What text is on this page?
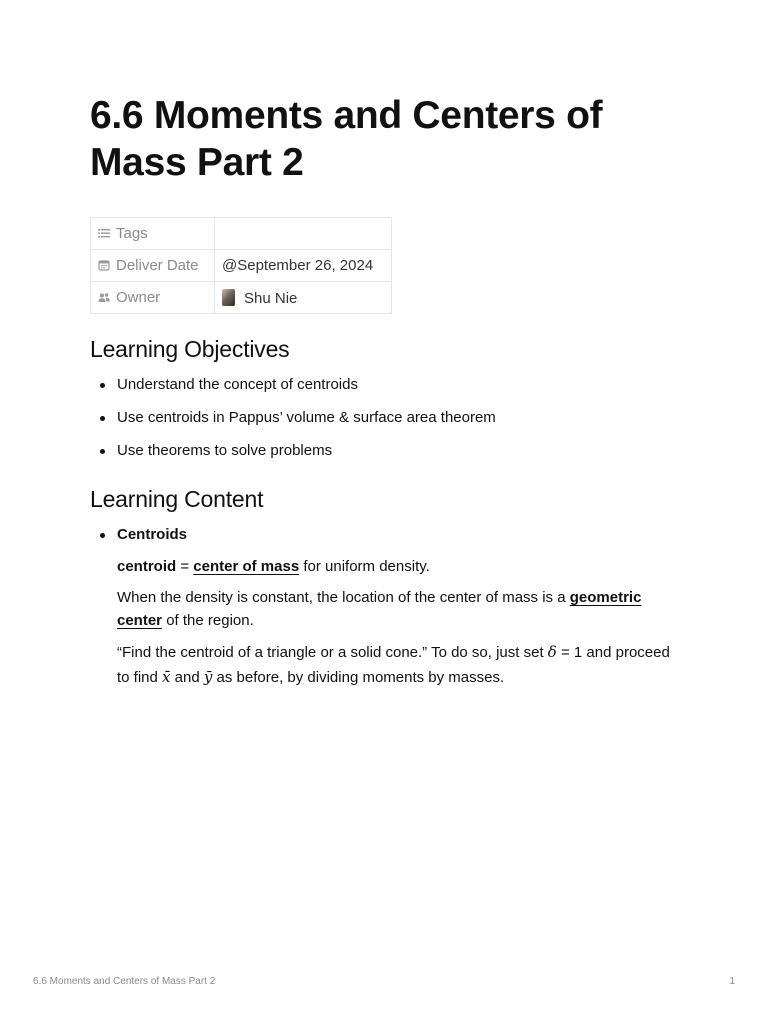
6.6 Moments and Centers of Mass Part 2
Tags	
Deliver Date	@September 26, 2024
Owner	Shu Nie
Learning Objectives
Understand the concept of centroids
Use centroids in Pappus’ volume & surface area theorem
Use theorems to solve problems
Learning Content
Centroids

centroid = center of mass for uniform density.

When the density is constant, the location of the center of mass is a geometric center of the region.

“Find the centroid of a triangle or a solid cone.” To do so, just set δ = 1 and proceed to find x̄ and ȳ as before, by dividing moments by masses.

6.6 Moments and Centers of Mass Part 2	1
